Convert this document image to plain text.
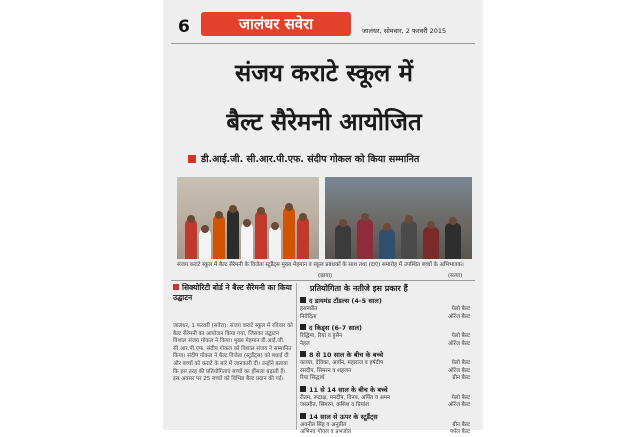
6	जालंधर सवेरा	जालंधर, सोमवार, 2 फरवरी 2015
संजय कराटे स्कूल में
बैल्ट सैरेमनी आयोजित
डी.आई.जी. सी.आर.पी.एफ. संदीप गोकल को किया सम्मानित
संजय कराटे स्कूल में बैल्ट सैरेमनी के विजेता स्टूडैंट्स मुख्य मेहमान व स्कूल प्रबंधकों के साथ तथा (दाएं) समारोह में उपस्थित बच्चों के अभिभावक।
(छाया)	(सत्या)
सिक्योरिटी बोर्ड ने बैल्ट सैरेमनी का किया उद्घाटन
जालंधर, 1 फरवरी (सवेरा): संजय कराटे स्कूल में रविवार को बैल्ट सैरेमनी का आयोजन किया गया, जिसका उद्घाटन विशाल संजय गोकल ने किया। मुख्य मेहमान डी.आई.जी. सी.आर.पी.एफ. संदीप गोकल को विशाल संजय ने सम्मानित किया। संदीप गोकल ने बैल्ट विजेता (स्टूडैंट्स) को बधाई दी और बच्चों को कराटे के बारे में जानकारी दी। उन्होंने बताया कि इस तरह की प्रतियोगिताएं बच्चों का हौंसला बढ़ाती हैं। इस अवसर पर 25 बच्चों को विभिन्न बैल्ट प्रदान की गईं।
प्रतियोगिता के नतीजे इस प्रकार हैं
द डायमंड टॉडल्स (4-5 साल)
हसनप्रीत	येलो बैल्ट
निवेदिता	ऑरेंज बैल्ट
द किड्स (6-7 साल)
रिद्धिमा, रिया व हुसैन	येलो बैल्ट
नेहल	ऑरेंज बैल्ट
8 से 10 साल के बीच के बच्चे
काव्या, देविका, आर्यन, महाराज व हर्षदीप	येलो बैल्ट
रसदीप, सिमरन व शहजन	ऑरेंज बैल्ट
रिया सिद्धार्थ	ग्रीन बैल्ट
11 से 14 साल के बीच के बच्चे
रीतम, रूद्राक्ष, मनदीप, विनय, अर्पित व अमन	येलो बैल्ट
जसमीत, सिमरन, कशिश व प्रियांश	ऑरेंज बैल्ट
14 साल से ऊपर के स्टूडैंट्स
अवनीत सिंह व अनुप्रीत	ग्रीन बैल्ट
अभिनव गोयल व प्रभजोत	पर्पल बैल्ट
